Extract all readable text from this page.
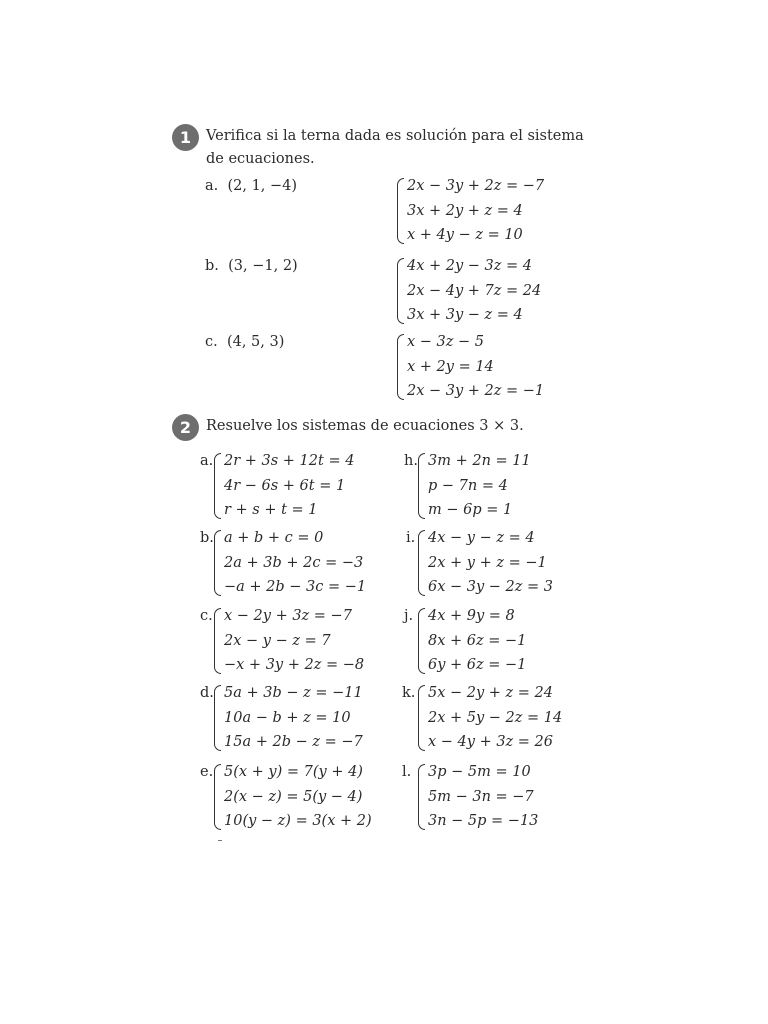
1	Verifica si la terna dada es solución para el sistema de ecuaciones.
a. (2, 1, −4)	2x − 3y + 2z = −7
3x + 2y + z = 4
x + 4y − z = 10
b. (3, −1, 2)	4x + 2y − 3z = 4
2x − 4y + 7z = 24
3x + 3y − z = 4
c. (4, 5, 3)	x − 3z − 5
x + 2y = 14
2x − 3y + 2z = −1
2	Resuelve los sistemas de ecuaciones 3 × 3.
a. 2r + 3s + 12t = 4
4r − 6s + 6t = 1
r + s + t = 1
b. a + b + c = 0
2a + 3b + 2c = −3
−a + 2b − 3c = −1
c. x − 2y + 3z = −7
2x − y − z = 7
−x + 3y + 2z = −8
d. 5a + 3b − z = −11
10a − b + z = 10
15a + 2b − z = −7
e. 5(x + y) = 7(y + 4)
2(x − z) = 5(y − 4)
10(y − z) = 3(x + 2)
h. 3m + 2n = 11
p − 7n = 4
m − 6p = 1
i. 4x − y − z = 4
2x + y + z = −1
6x − 3y − 2z = 3
j. 4x + 9y = 8
8x + 6z = −1
6y + 6z = −1
k. 5x − 2y + z = 24
2x + 5y − 2z = 14
x − 4y + 3z = 26
l. 3p − 5m = 10
5m − 3n = −7
3n − 5p = −13
